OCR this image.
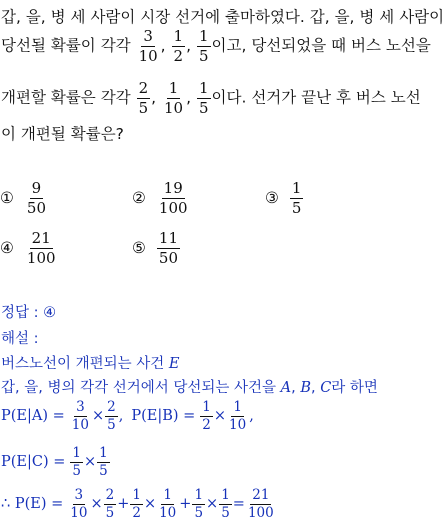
갑, 을, 병 세 사람이 시장 선거에 출마하였다. 갑, 을, 병 세 사람이
당선될 확률이 각각 $\frac{3}{10}$ , $\frac{1}{2}$ , $\frac{1}{5}$ 이고, 당선되었을 때 버스 노선을
개편할 확률은 각각 $\frac{2}{5}$ , $\frac{1}{10}$ , $\frac{1}{5}$ 이다. 선거가 끝난 후 버스 노선
이 개편될 확률은?
① $\frac{9}{50}$	② $\frac{19}{100}$	③ $\frac{1}{5}$
④ $\frac{21}{100}$	⑤ $\frac{11}{50}$
정답 : ④
해설 :
버스노선이 개편되는 사건 E
갑, 을, 병의 각각 선거에서 당선되는 사건을 A, B, C라 하면
$P(E|A) = \frac{3}{10} \times \frac{2}{5}$ , $P(E|B) = \frac{1}{2} \times \frac{1}{10}$ ,
$P(E|C) = \frac{1}{5} \times \frac{1}{5}$
∴ $P(E) = \frac{3}{10} \times \frac{2}{5} + \frac{1}{2} \times \frac{1}{10} + \frac{1}{5} \times \frac{1}{5} = \frac{21}{100}$
